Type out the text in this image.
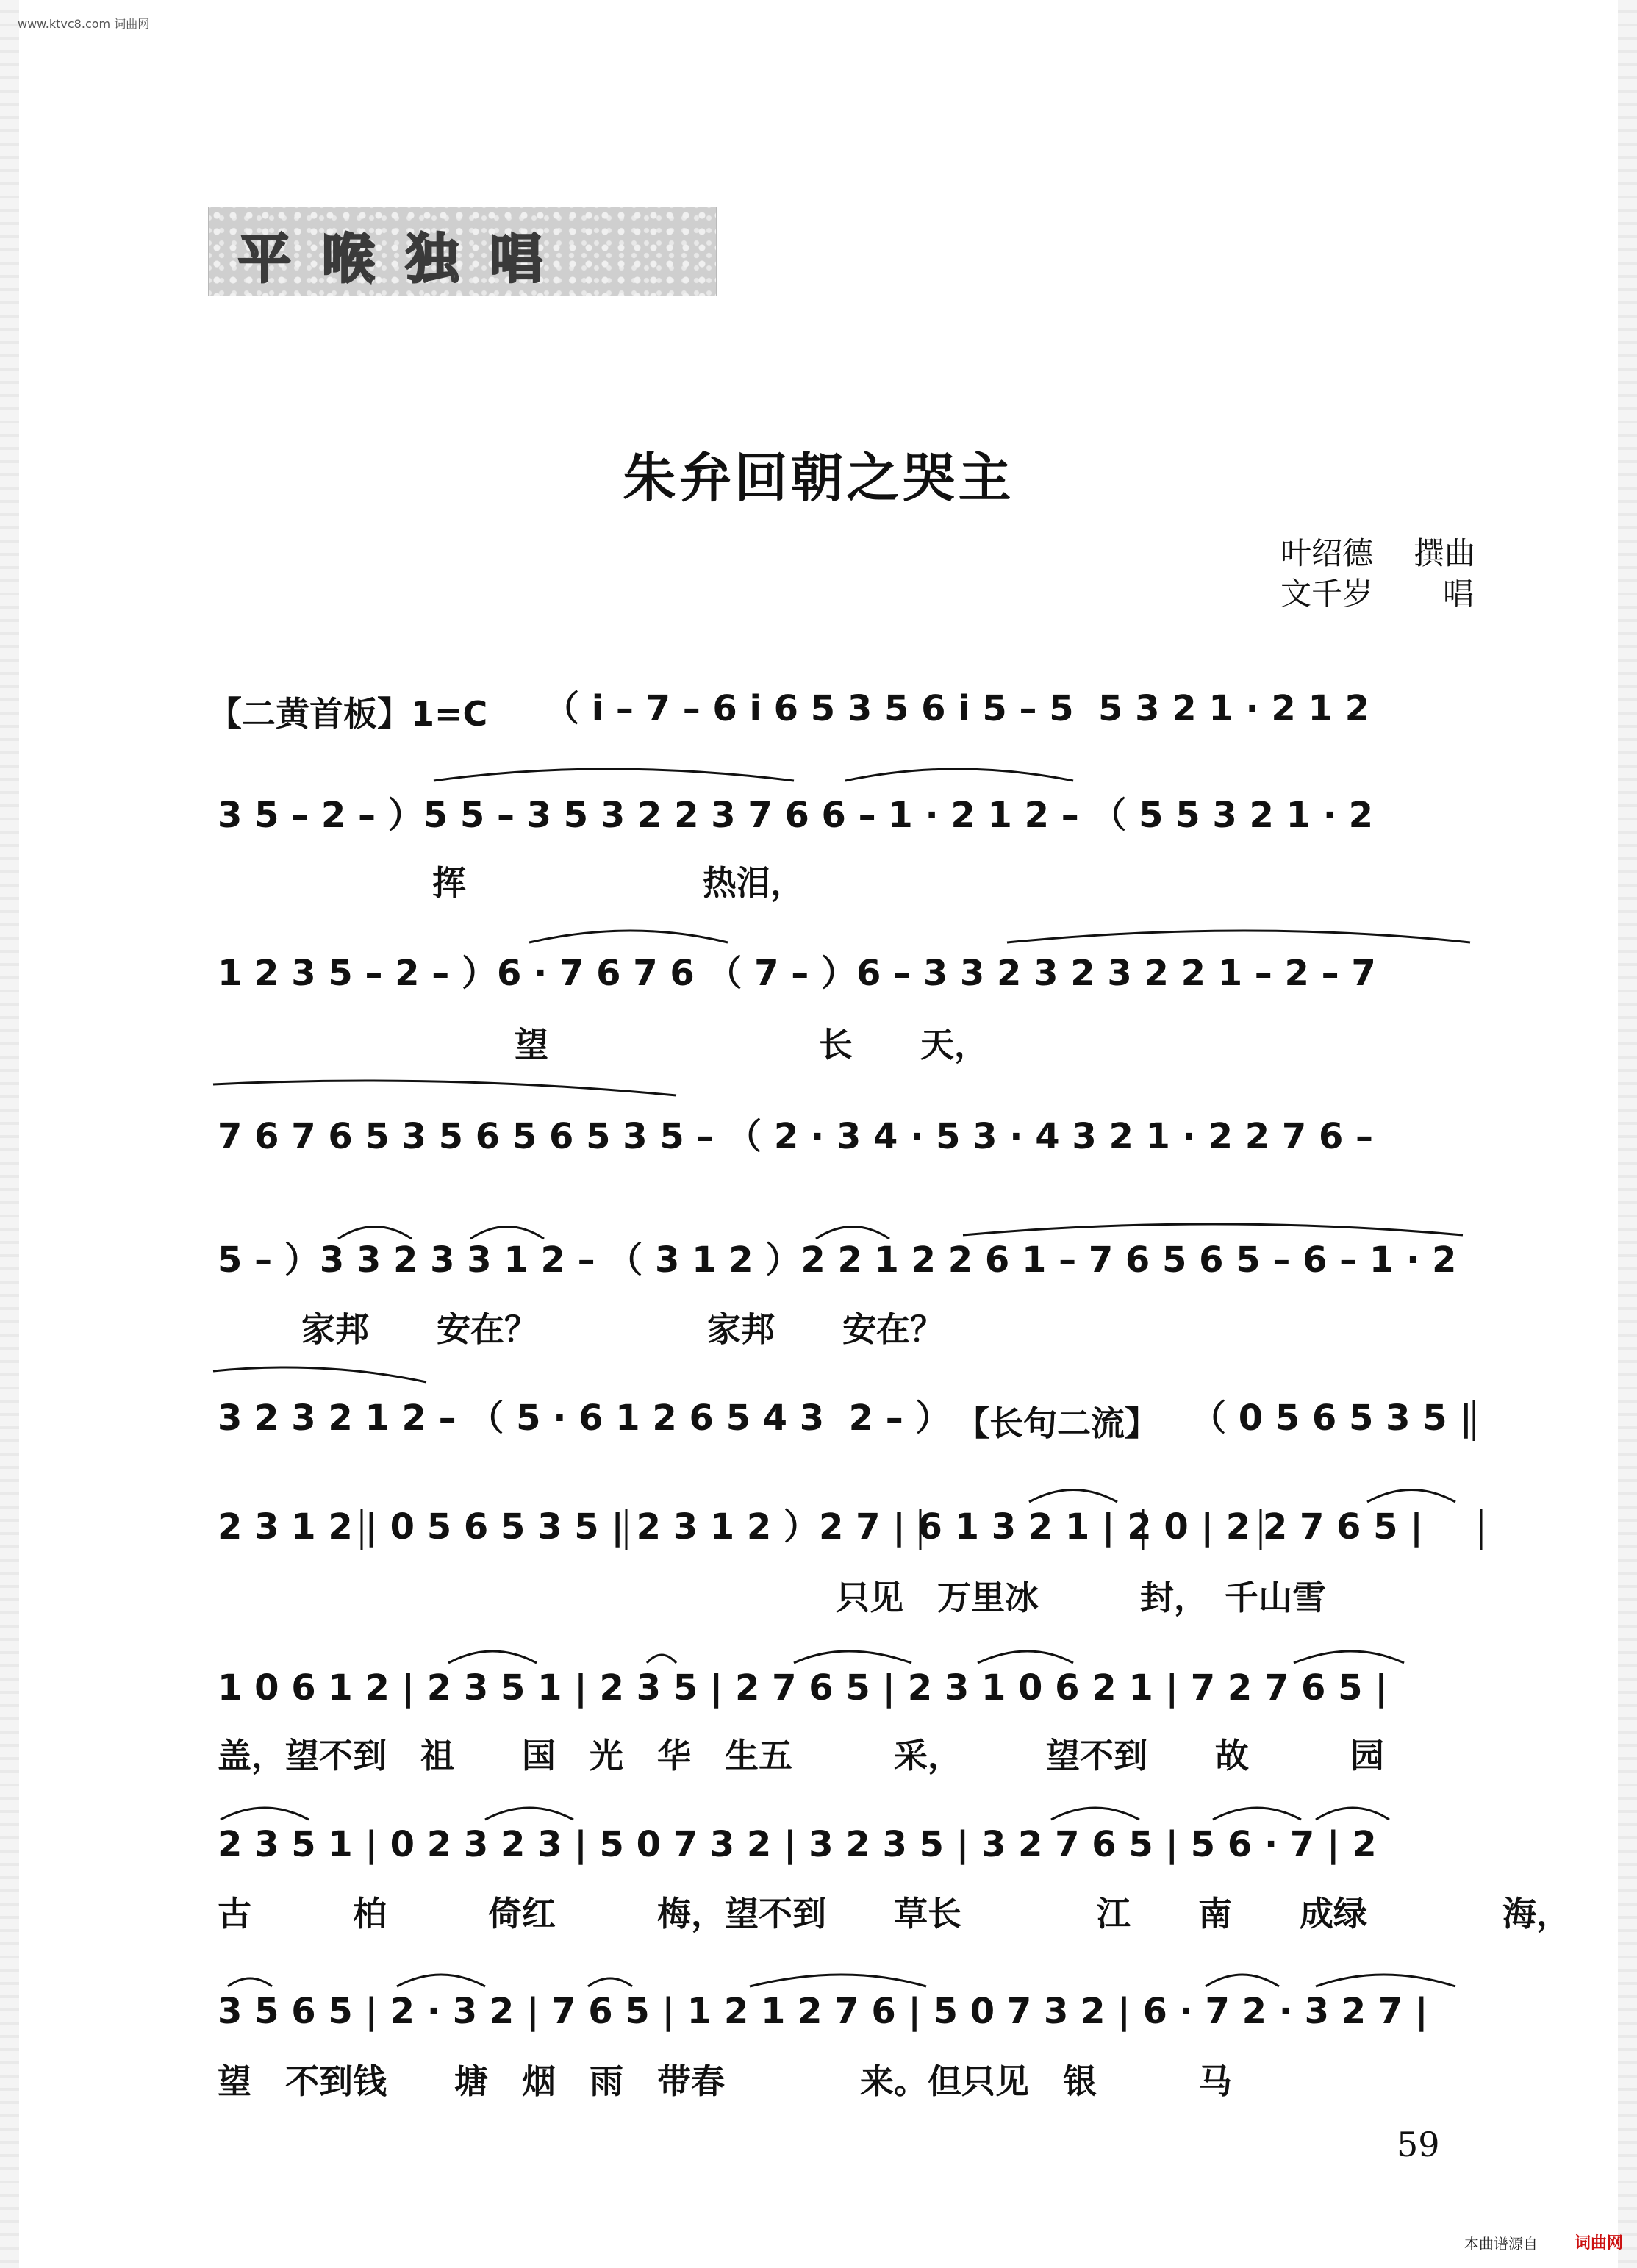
www.ktvc8.com 词曲网
平喉独唱
朱弁回朝之哭主
叶绍德 撰曲
文千岁 唱
【二黄首板】1=C （ i – 7 – 6 i 6 5 3 5 6 i 5 – 5  5 3 2 1 · 2 1 2
3 5 – 2 – ）5 5 – 3 5 3 2 2 3 7 6 6 – 1 · 2 1 2 – （ 5 5 3 2 1 · 2
挥　　　　　　　热泪，
1 2 3 5 – 2 – ）6 · 7 6 7 6 （ 7 – ）6 – 3 3 2 3 2 3 2 2 1 – 2 – 7
望　　　　　　　　长　　天，
7 6 7 6 5 3 5 6 5 6 5 3 5 – （ 2 · 3 4 · 5 3 · 4 3 2 1 · 2 2 7 6 –
5 – ）3 3 2 3 3 1 2 – （ 3 1 2 ）2 2 1 2 2 6 1 – 7 6 5 6 5 – 6 – 1 · 2
家邦　　安在？　　　　　家邦　　安在？
3 2 3 2 1 2 – （ 5 · 6 1 2 6 5 4 3  2 – ） 【长句二流】 （ 0 5 6 5 3 5 |
2 3 1 2 | 0 5 6 5 3 5 | 2 3 1 2 ）2 7 | 6 1 3 2 1 | 2 0 | 2 2 7 6 5 |
只见　万里冰　　　封，　千山雪
1 0 6 1 2 | 2 3 5 1 | 2 3 5 | 2 7 6 5 | 2 3 1 0 6 2 1 | 7 2 7 6 5 |
盖，望不到　祖　　国　光　华　生五　　　采，　　　望不到　　故　　　园
2 3 5 1 | 0 2 3 2 3 | 5 0 7 3 2 | 3 2 3 5 | 3 2 7 6 5 | 5 6 · 7 | 2
古　　　柏　　　倚红　　　梅，望不到　　草长　　　　江　　南　　成绿　　　　海，
3 5 6 5 | 2 · 3 2 | 7 6 5 | 1 2 1 2 7 6 | 5 0 7 3 2 | 6 · 7 2 · 3 2 7 |
望　不到钱　　塘　烟　雨　带春　　　　来。但只见　银　　　马
59
本曲谱源自 词曲网
